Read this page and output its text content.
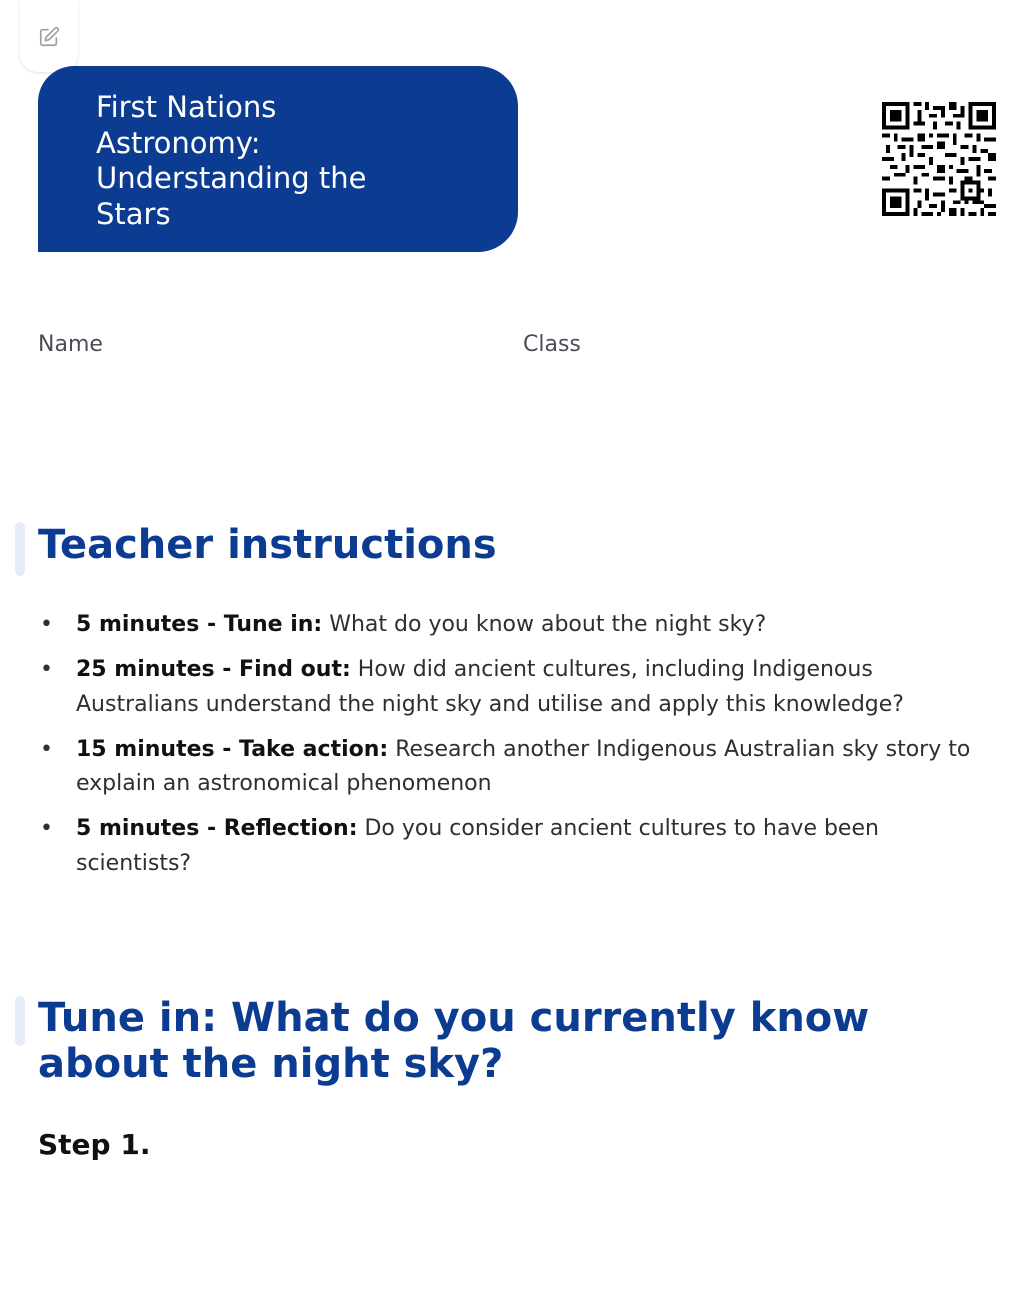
First Nations Astronomy: Understanding the Stars
Name	Class
Teacher instructions
• 5 minutes - Tune in: What do you know about the night sky?
• 25 minutes - Find out: How did ancient cultures, including Indigenous Australians understand the night sky and utilise and apply this knowledge?
• 15 minutes - Take action: Research another Indigenous Australian sky story to explain an astronomical phenomenon
• 5 minutes - Reflection: Do you consider ancient cultures to have been scientists?
Tune in: What do you currently know about the night sky?
Step 1.
